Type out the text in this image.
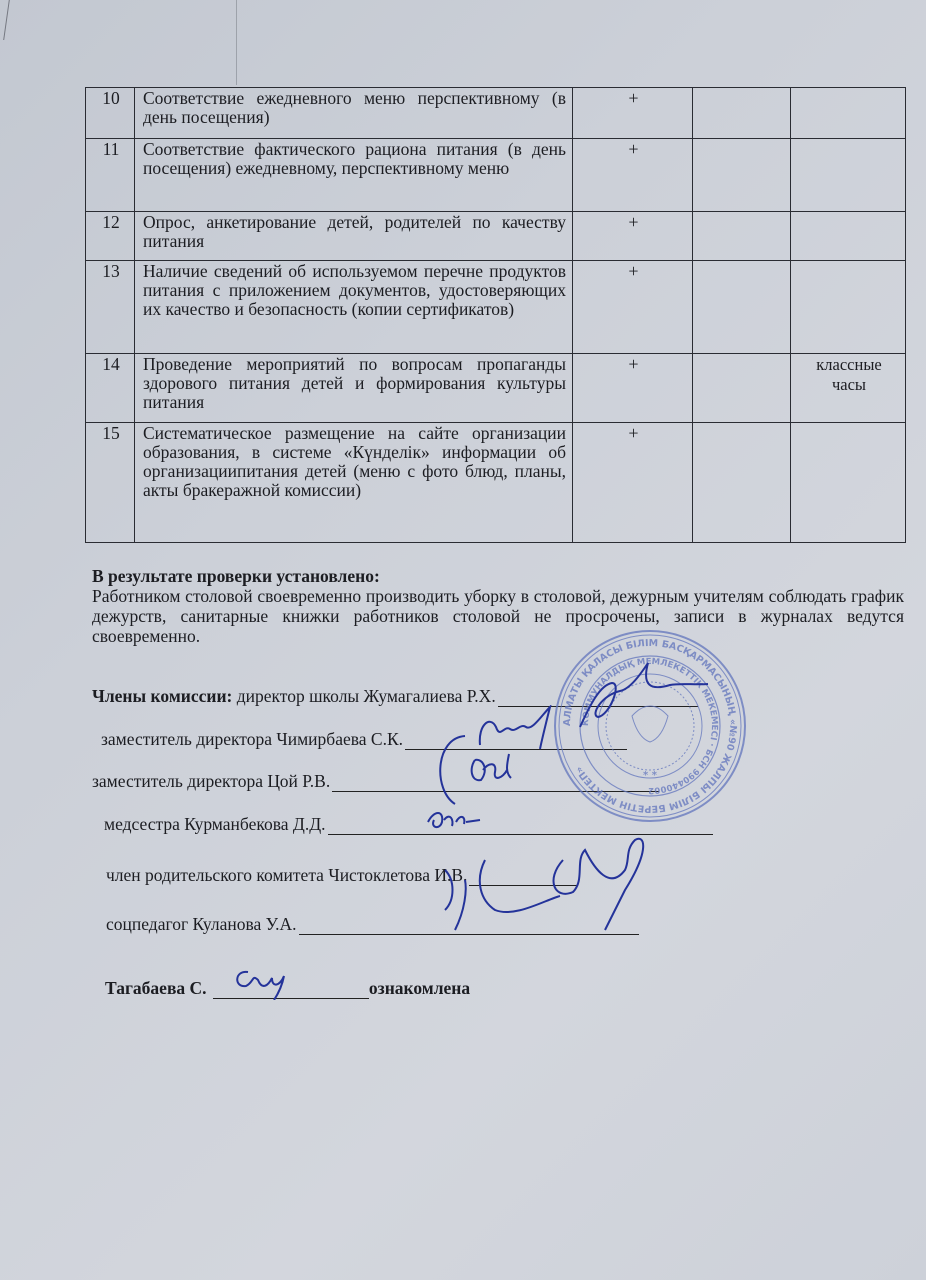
10	Соответствие ежедневного меню перспективному (в день посещения)	+		
11	Соответствие фактического рациона питания (в день посещения) ежедневному, перспективному меню	+		
12	Опрос, анкетирование детей, родителей по качеству питания	+		
13	Наличие сведений об используемом перечне продуктов питания с приложением документов, удостоверяющих их качество и безопасность (копии сертификатов)	+		
14	Проведение мероприятий по вопросам пропаганды здорового питания детей и формирования культуры питания	+		классные часы
15	Систематическое размещение на сайте организации образования, в системе «Күнделік» информации об организациипитания детей (меню с фото блюд, планы, акты бракеражной комиссии)	+		
В результате проверки установлено:
Работником столовой своевременно производить уборку в столовой, дежурным учителям соблюдать график дежурств, санитарные книжки работников столовой не просрочены, записи в журналах ведутся своевременно.
Члены комиссии:
директор школы Жумагалиева Р.Х.
заместитель директора Чимирбаева С.К.
заместитель директора Цой Р.В.
медсестра Курманбекова Д.Д.
член родительского комитета Чистоклетова И.В.
соцпедагог Куланова У.А.
Тагабаева С.
	ознакомлена
АЛМАТЫ ҚАЛАСЫ БІЛІМ БАСҚАРМАСЫНЫҢ «№90 ЖАЛПЫ БІЛІМ БЕРЕТІН МЕКТЕП»
КОММУНАЛДЫҚ МЕМЛЕКЕТТІК МЕКЕМЕСІ · БСН 990440002
* *
